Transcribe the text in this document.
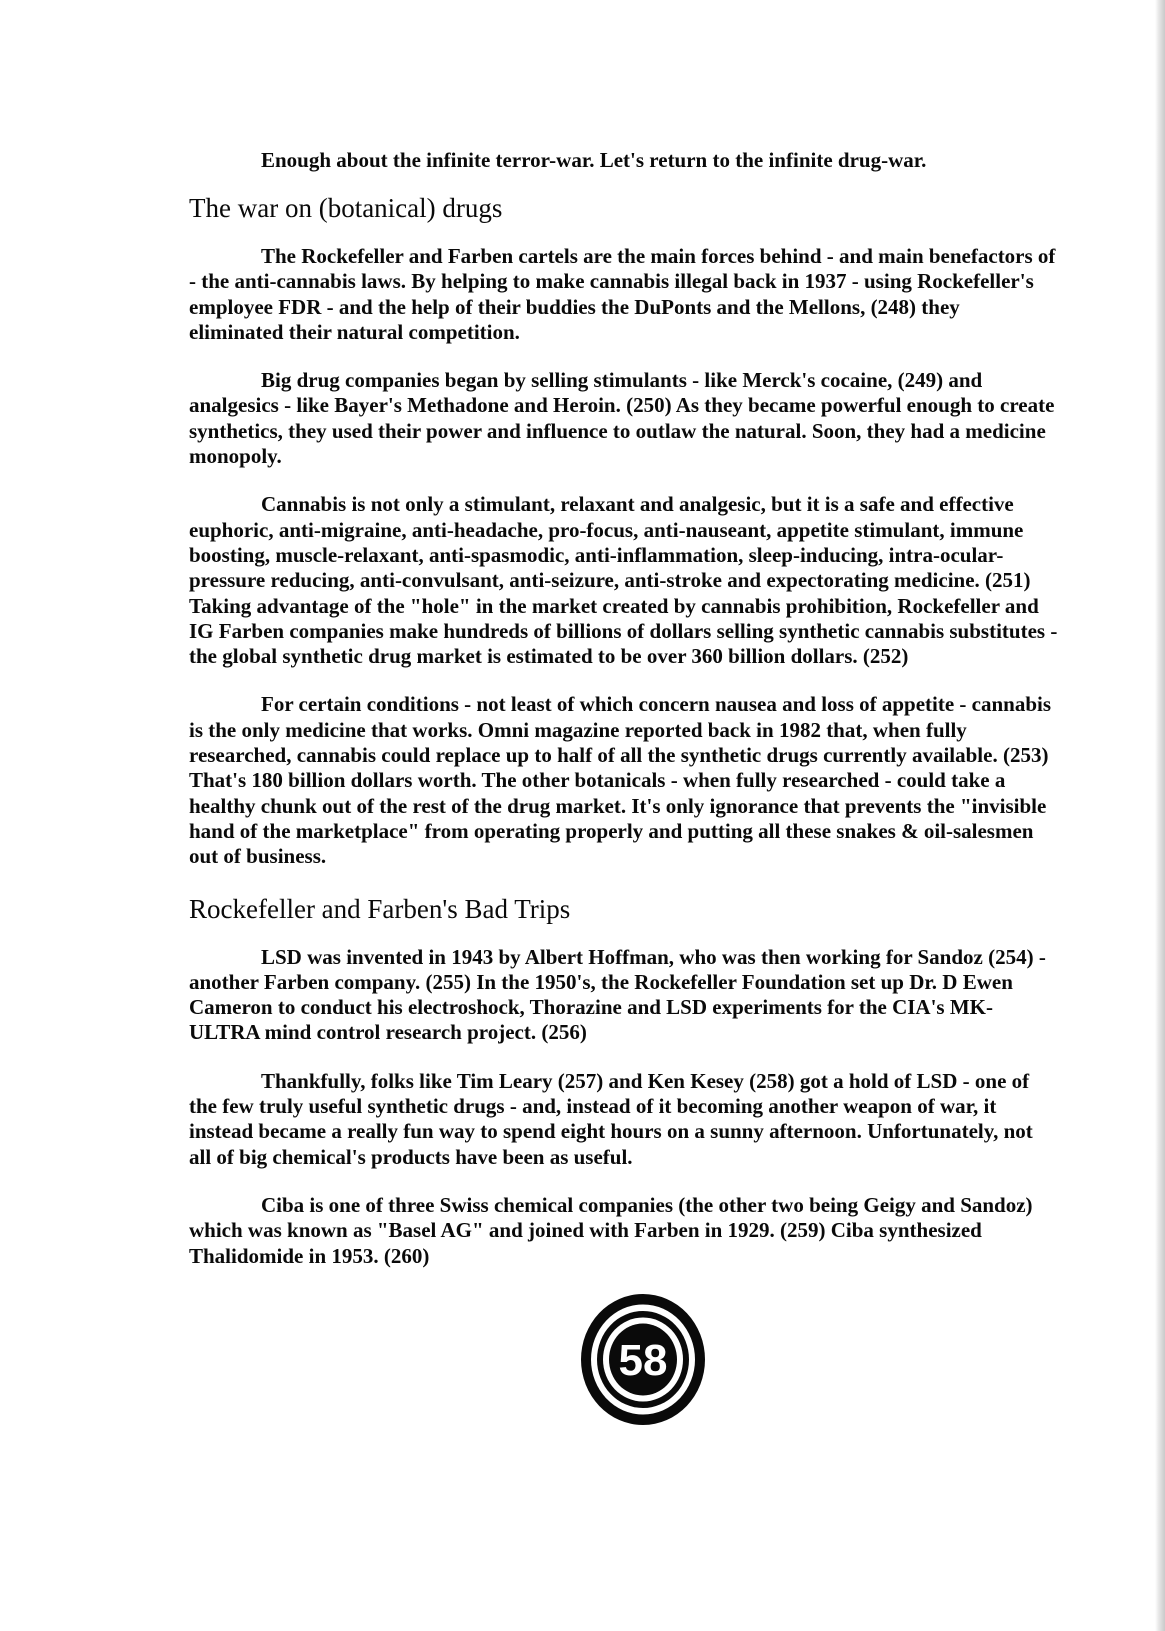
Enough about the infinite terror-war. Let's return to the infinite drug-war.

The war on (botanical) drugs

The Rockefeller and Farben cartels are the main forces behind - and main benefactors of - the anti-cannabis laws. By helping to make cannabis illegal back in 1937 - using Rockefeller's employee FDR - and the help of their buddies the DuPonts and the Mellons, (248) they eliminated their natural competition.

Big drug companies began by selling stimulants - like Merck's cocaine, (249) and analgesics - like Bayer's Methadone and Heroin. (250) As they became powerful enough to create synthetics, they used their power and influence to outlaw the natural. Soon, they had a medicine monopoly.

Cannabis is not only a stimulant, relaxant and analgesic, but it is a safe and effective euphoric, anti-migraine, anti-headache, pro-focus, anti-nauseant, appetite stimulant, immune boosting, muscle-relaxant, anti-spasmodic, anti-inflammation, sleep-inducing, intra-ocular-pressure reducing, anti-convulsant, anti-seizure, anti-stroke and expectorating medicine. (251) Taking advantage of the "hole" in the market created by cannabis prohibition, Rockefeller and IG Farben companies make hundreds of billions of dollars selling synthetic cannabis substitutes - the global synthetic drug market is estimated to be over 360 billion dollars. (252)

For certain conditions - not least of which concern nausea and loss of appetite - cannabis is the only medicine that works. Omni magazine reported back in 1982 that, when fully researched, cannabis could replace up to half of all the synthetic drugs currently available. (253) That's 180 billion dollars worth. The other botanicals - when fully researched - could take a healthy chunk out of the rest of the drug market. It's only ignorance that prevents the "invisible hand of the marketplace" from operating properly and putting all these snakes & oil-salesmen out of business.

Rockefeller and Farben's Bad Trips

LSD was invented in 1943 by Albert Hoffman, who was then working for Sandoz (254) - another Farben company. (255) In the 1950's, the Rockefeller Foundation set up Dr. D Ewen Cameron to conduct his electroshock, Thorazine and LSD experiments for the CIA's MK-ULTRA mind control research project. (256)

Thankfully, folks like Tim Leary (257) and Ken Kesey (258) got a hold of LSD - one of the few truly useful synthetic drugs - and, instead of it becoming another weapon of war, it instead became a really fun way to spend eight hours on a sunny afternoon. Unfortunately, not all of big chemical's products have been as useful.

Ciba is one of three Swiss chemical companies (the other two being Geigy and Sandoz) which was known as "Basel AG" and joined with Farben in 1929. (259) Ciba synthesized Thalidomide in 1953. (260)

58
